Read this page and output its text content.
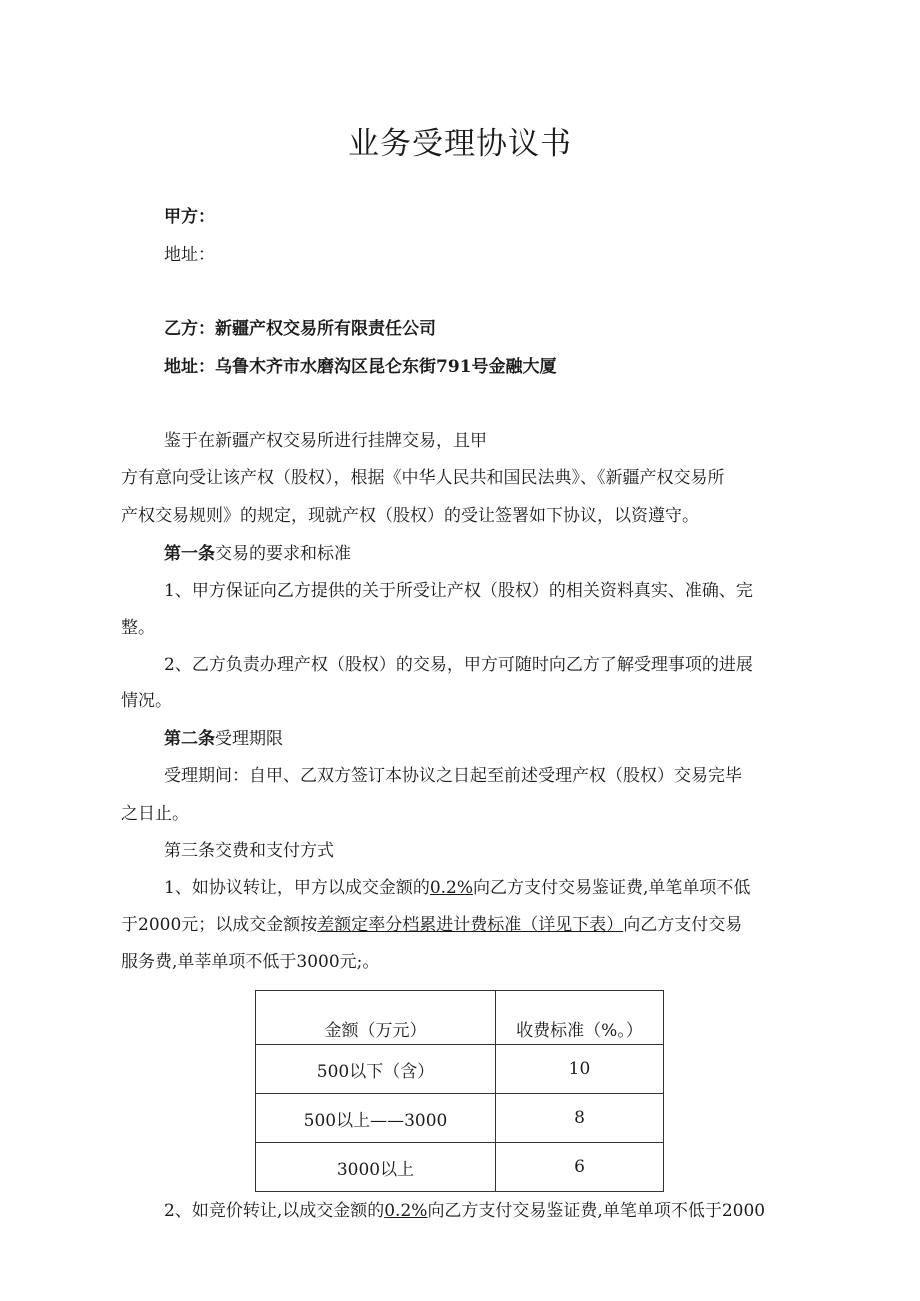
业务受理协议书
甲方：
地址：
乙方：新疆产权交易所有限责任公司
地址：乌鲁木齐市水磨沟区昆仑东街791号金融大厦
鉴于在新疆产权交易所进行挂牌交易，且甲
方有意向受让该产权（股权），根据《中华人民共和国民法典》、《新疆产权交易所
产权交易规则》的规定，现就产权（股权）的受让签署如下协议，以资遵守。
第一条交易的要求和标准
1、甲方保证向乙方提供的关于所受让产权（股权）的相关资料真实、准确、完
整。
2、乙方负责办理产权（股权）的交易，甲方可随时向乙方了解受理事项的进展
情况。
第二条受理期限
受理期间：自甲、乙双方签订本协议之日起至前述受理产权（股权）交易完毕
之日止。
第三条交费和支付方式
1、如协议转让，甲方以成交金额的0.2%向乙方支付交易鉴证费,单笔单项不低
于2000元；以成交金额按差额定率分档累进计费标准（详见下表）向乙方支付交易
服务费,单莘单项不低于3000元;。
金额（万元）	收费标准（%。）
500以下（含）	10
500以上——3000	8
3000以上	6
2、如竞价转让,以成交金额的0.2%向乙方支付交易鉴证费,单笔单项不低于2000
